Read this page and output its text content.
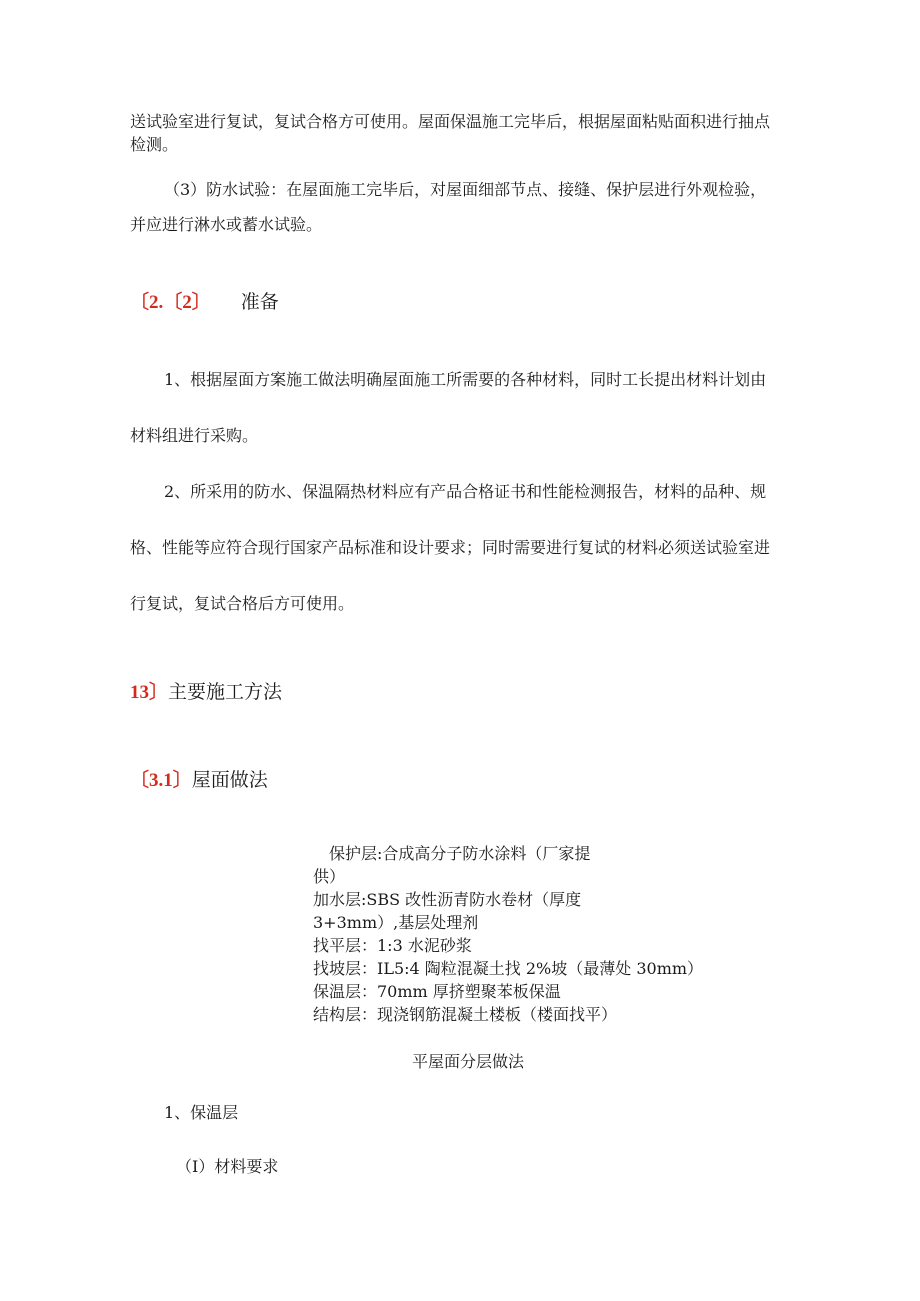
送试验室进行复试，复试合格方可使用。屋面保温施工完毕后，根据屋面粘贴面积进行抽点
检测。
（3）防水试验：在屋面施工完毕后，对屋面细部节点、接缝、保护层进行外观检验，
并应进行淋水或蓄水试验。
〔2.〔2〕 准备
1、根据屋面方案施工做法明确屋面施工所需要的各种材料，同时工长提出材料计划由
材料组进行采购。
2、所采用的防水、保温隔热材料应有产品合格证书和性能检测报告，材料的品种、规
格、性能等应符合现行国家产品标准和设计要求；同时需要进行复试的材料必须送试验室进
行复试，复试合格后方可使用。
13〕主要施工方法
〔3.1〕屋面做法
　保护层:合成高分子防水涂料（厂家提
供）
加水层:SBS 改性沥青防水卷材（厚度
3+3mm）,基层处理剂
找平层：1:3 水泥砂浆
找坡层：IL5:4 陶粒混凝土找 2%坡（最薄处 30mm）
保温层：70mm 厚挤塑聚苯板保温
结构层：现浇钢筋混凝土楼板（楼面找平）
平屋面分层做法
1、保温层
（I）材料要求
